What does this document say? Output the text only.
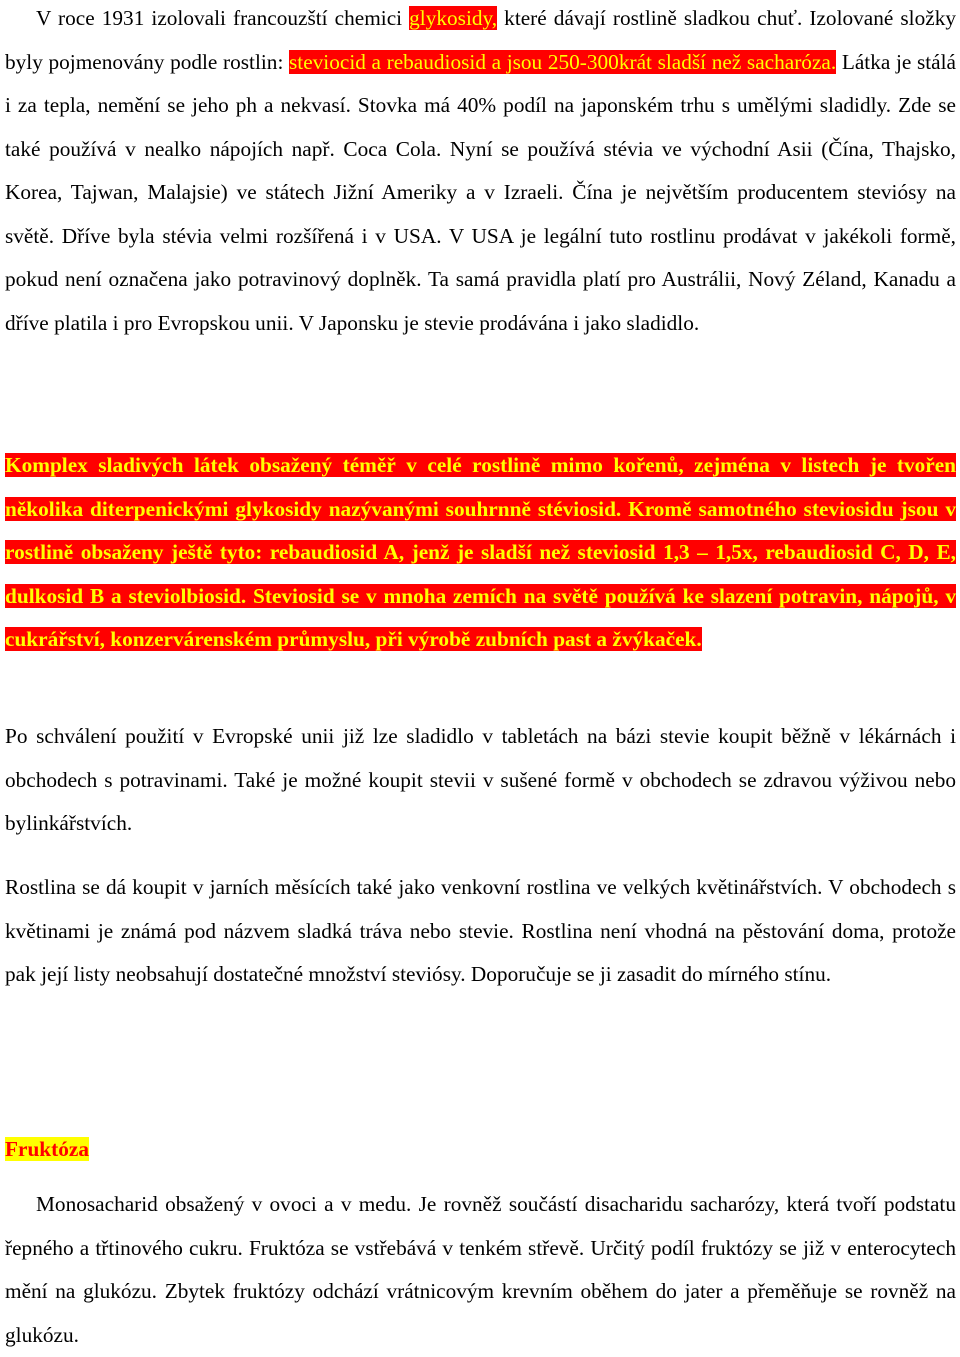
V roce 1931 izolovali francouzští chemici glykosidy, které dávají rostlině sladkou chuť. Izolované složky byly pojmenovány podle rostlin: steviocid a rebaudiosid a jsou 250-300krát sladší než sacharóza. Látka je stálá i za tepla, nemění se jeho ph a nekvasí. Stovka má 40% podíl na japonském trhu s umělými sladidly. Zde se také používá v nealko nápojích např. Coca Cola. Nyní se používá stévia ve východní Asii (Čína, Thajsko, Korea, Tajwan, Malajsie) ve státech Jižní Ameriky a v Izraeli. Čína je největším producentem steviósy na světě. Dříve byla stévia velmi rozšířená i v USA. V USA je legální tuto rostlinu prodávat v jakékoli formě, pokud není označena jako potravinový doplněk. Ta samá pravidla platí pro Austrálii, Nový Zéland, Kanadu a dříve platila i pro Evropskou unii. V Japonsku je stevie prodávána i jako sladidlo.

Komplex sladivých látek obsažený téměř v celé rostlině mimo kořenů, zejména v listech je tvořen několika diterpenickými glykosidy nazývanými souhrnně stéviosid. Kromě samotného steviosidu jsou v rostlině obsaženy ještě tyto: rebaudiosid A, jenž je sladší než steviosid 1,3 – 1,5x, rebaudiosid C, D, E, dulkosid B a steviolbiosid. Steviosid se v mnoha zemích na světě používá ke slazení potravin, nápojů, v cukrářství, konzervárenském průmyslu, při výrobě zubních past a žvýkaček.

Po schválení použití v Evropské unii již lze sladidlo v tabletách na bázi stevie koupit běžně v lékárnách i obchodech s potravinami. Také je možné koupit stevii v sušené formě v obchodech se zdravou výživou nebo bylinkářstvích.

Rostlina se dá koupit v jarních měsících také jako venkovní rostlina ve velkých květinářstvích. V obchodech s květinami je známá pod názvem sladká tráva nebo stevie. Rostlina není vhodná na pěstování doma, protože pak její listy neobsahují dostatečné množství steviósy. Doporučuje se ji zasadit do mírného stínu.

Fruktóza

Monosacharid obsažený v ovoci a v medu. Je rovněž součástí disacharidu sacharózy, která tvoří podstatu řepného a třtinového cukru. Fruktóza se vstřebává v tenkém střevě. Určitý podíl fruktózy se již v enterocytech mění na glukózu. Zbytek fruktózy odchází vrátnicovým krevním oběhem do jater a přeměňuje se rovněž na glukózu.
